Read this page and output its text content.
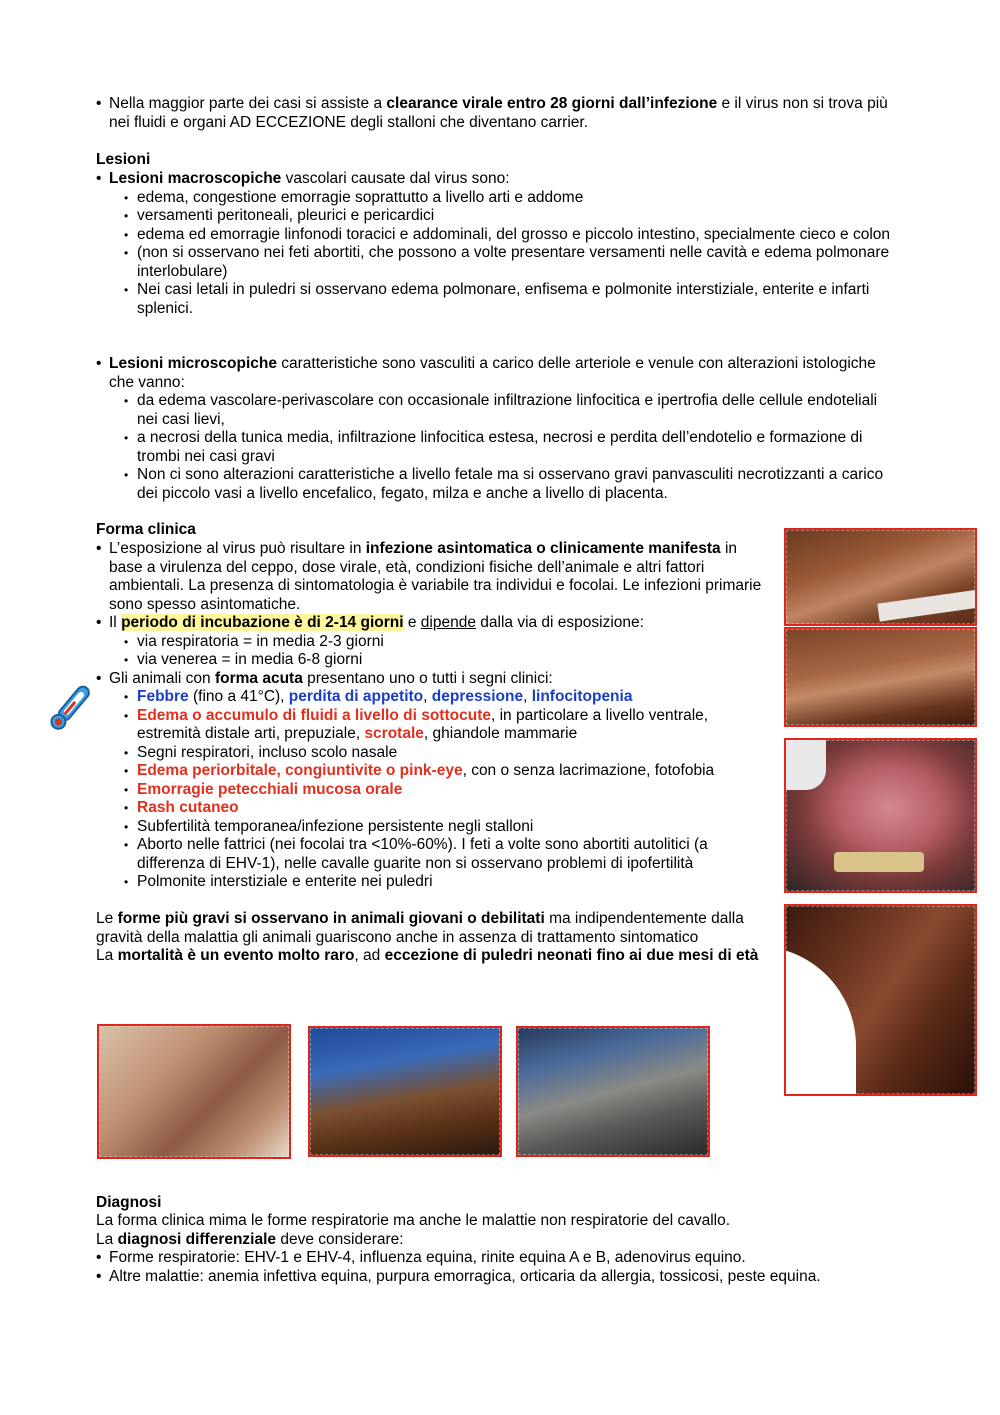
• Nella maggior parte dei casi si assiste a clearance virale entro 28 giorni dall’infezione e il virus non si trova più nei fluidi e organi AD ECCEZIONE degli stalloni che diventano carrier.
Lesioni
• Lesioni macroscopiche vascolari causate dal virus sono:
• edema, congestione emorragie soprattutto a livello arti e addome
• versamenti peritoneali, pleurici e pericardici
• edema ed emorragie linfonodi toracici e addominali, del grosso e piccolo intestino, specialmente cieco e colon
• (non si osservano nei feti abortiti, che possono a volte presentare versamenti nelle cavità e edema polmonare interlobulare)
• Nei casi letali in puledri si osservano edema polmonare, enfisema e polmonite interstiziale, enterite e infarti splenici.
• Lesioni microscopiche caratteristiche sono vasculiti a carico delle arteriole e venule con alterazioni istologiche che vanno:
• da edema vascolare-perivascolare con occasionale infiltrazione linfocitica e ipertrofia delle cellule endoteliali nei casi lievi,
• a necrosi della tunica media, infiltrazione linfocitica estesa, necrosi e perdita dell’endotelio e formazione di trombi nei casi gravi
• Non ci sono alterazioni caratteristiche a livello fetale ma si osservano gravi panvasculiti necrotizzanti a carico dei piccolo vasi a livello encefalico, fegato, milza e anche a livello di placenta.
Forma clinica
• L’esposizione al virus può risultare in infezione asintomatica o clinicamente manifesta in base a virulenza del ceppo, dose virale, età, condizioni fisiche dell’animale e altri fattori ambientali. La presenza di sintomatologia è variabile tra individui e focolai. Le infezioni primarie sono spesso asintomatiche.
• Il periodo di incubazione è di 2-14 giorni e dipende dalla via di esposizione:
• via respiratoria = in media 2-3 giorni
• via venerea = in media 6-8 giorni
• Gli animali con forma acuta presentano uno o tutti i segni clinici:
• Febbre (fino a 41°C), perdita di appetito, depressione, linfocitopenia
• Edema o accumulo di fluidi a livello di sottocute, in particolare a livello ventrale, estremità distale arti, prepuziale, scrotale, ghiandole mammarie
• Segni respiratori, incluso scolo nasale
• Edema periorbitale, congiuntivite o pink-eye, con o senza lacrimazione, fotofobia
• Emorragie petecchiali mucosa orale
• Rash cutaneo
• Subfertilità temporanea/infezione persistente negli stalloni
• Aborto nelle fattrici (nei focolai tra <10%-60%). I feti a volte sono abortiti autolitici (a differenza di EHV-1), nelle cavalle guarite non si osservano problemi di ipofertilità
• Polmonite interstiziale e enterite nei puledri

Le forme più gravi si osservano in animali giovani o debilitati ma indipendentemente dalla gravità della malattia gli animali guariscono anche in assenza di trattamento sintomatico

La mortalità è un evento molto raro, ad eccezione di puledri neonati fino ai due mesi di età

Diagnosi

La forma clinica mima le forme respiratorie ma anche le malattie non respiratorie del cavallo.

La diagnosi differenziale deve considerare:

• Forme respiratorie: EHV-1 e EHV-4, influenza equina, rinite equina A e B, adenovirus equino.
• Altre malattie: anemia infettiva equina, purpura emorragica, orticaria da allergia, tossicosi, peste equina.
